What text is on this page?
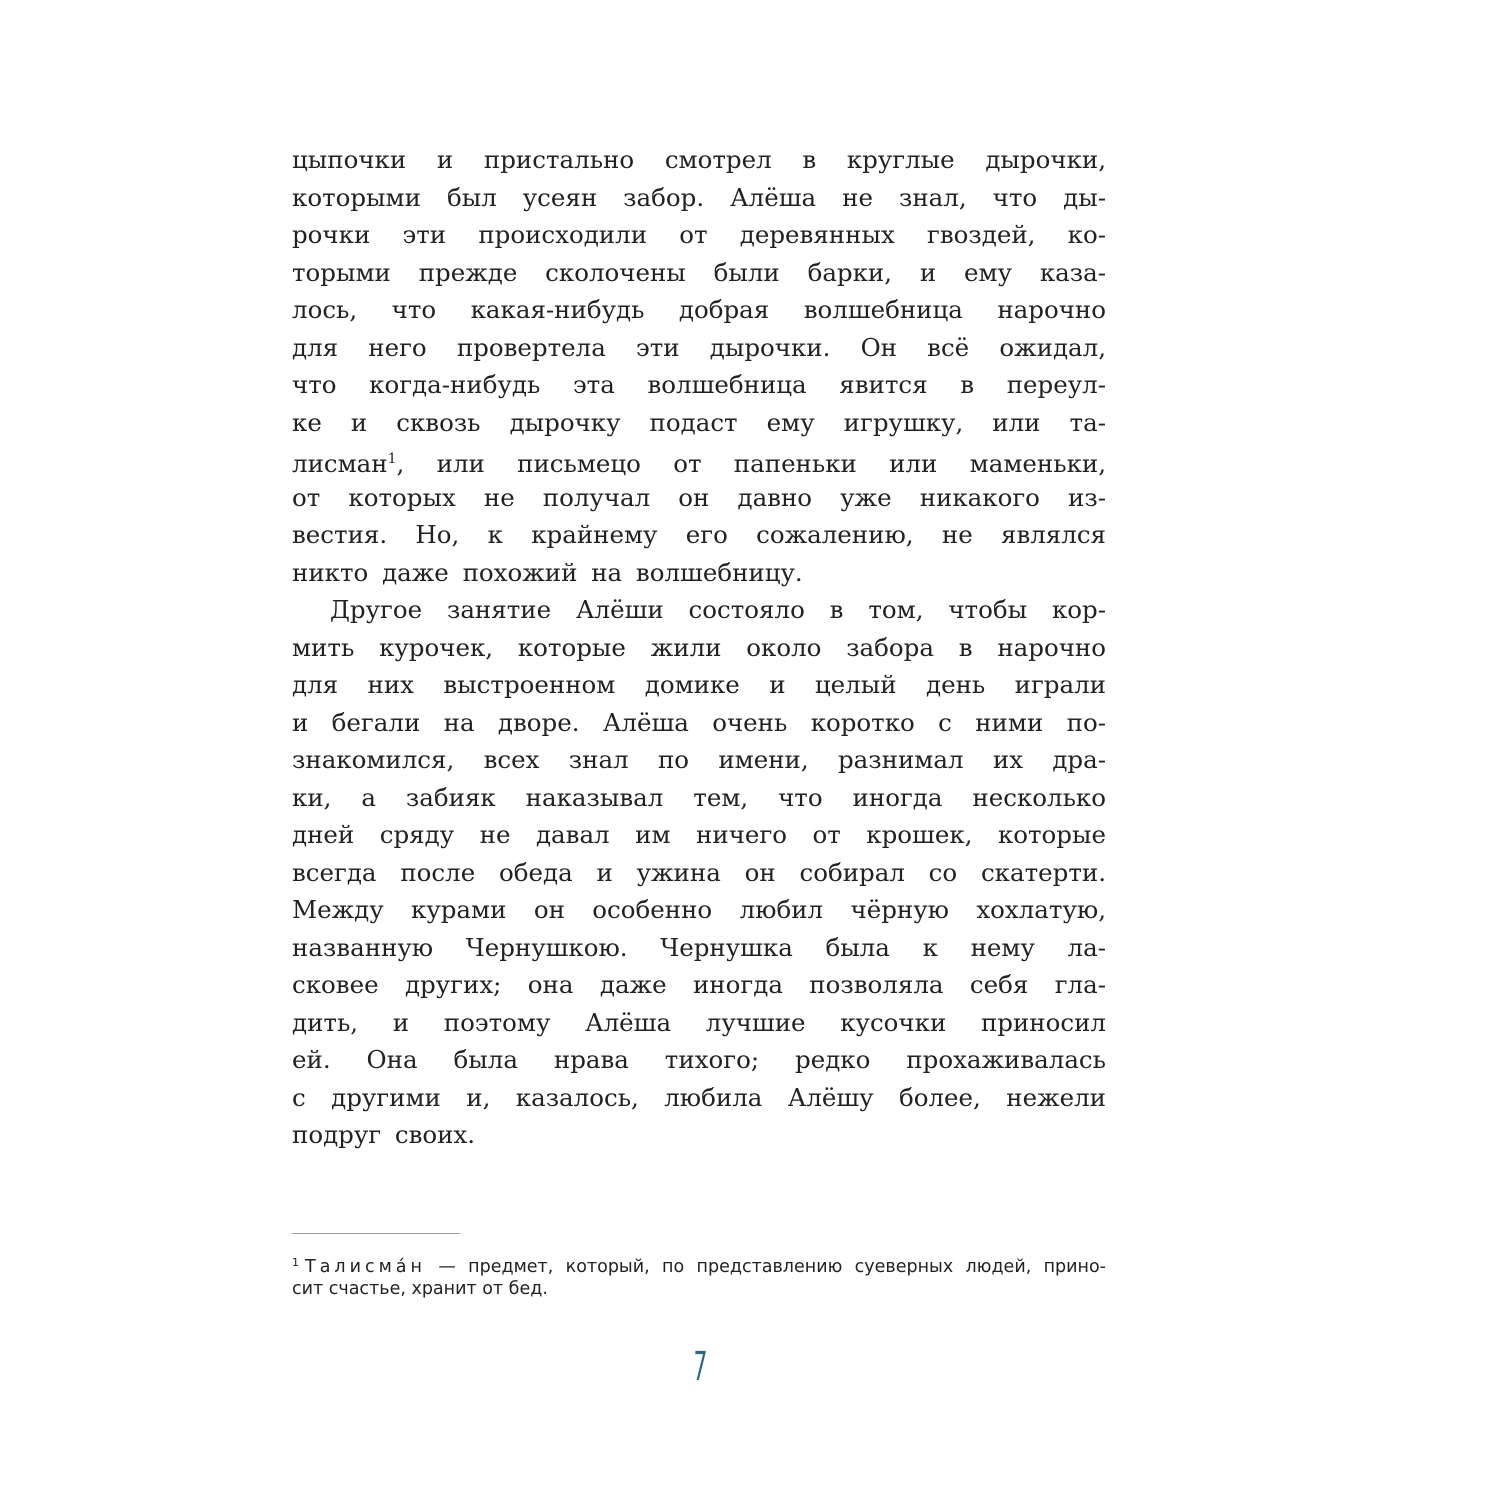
цыпочки и пристально смотрел в круглые дырочки,
которыми был усеян забор. Алёша не знал, что ды-
рочки эти происходили от деревянных гвоздей, ко-
торыми прежде сколочены были барки, и ему каза-
лось, что какая-нибудь добрая волшебница нарочно
для него провертела эти дырочки. Он всё ожидал,
что когда-нибудь эта волшебница явится в переул-
ке и сквозь дырочку подаст ему игрушку, или та-
лисман$^1$, или письмецо от папеньки или маменьки,
от которых не получал он давно уже никакого из-
вестия. Но, к крайнему его сожалению, не являлся
никто даже похожий на волшебницу.
Другое занятие Алёши состояло в том, чтобы кор-
мить курочек, которые жили около забора в нарочно
для них выстроенном домике и целый день играли
и бегали на дворе. Алёша очень коротко с ними по-
знакомился, всех знал по имени, разнимал их дра-
ки, а забияк наказывал тем, что иногда несколько
дней сряду не давал им ничего от крошек, которые
всегда после обеда и ужина он собирал со скатерти.
Между курами он особенно любил чёрную хохлатую,
названную Чернушкою. Чернушка была к нему ла-
сковее других; она даже иногда позволяла себя гла-
дить, и поэтому Алёша лучшие кусочки приносил
ей. Она была нрава тихого; редко прохаживалась
с другими и, казалось, любила Алёшу более, нежели
подруг своих.
$^1$ Талисма́н — предмет, который, по представлению суеверных людей, прино-
сит счастье, хранит от бед.
7
